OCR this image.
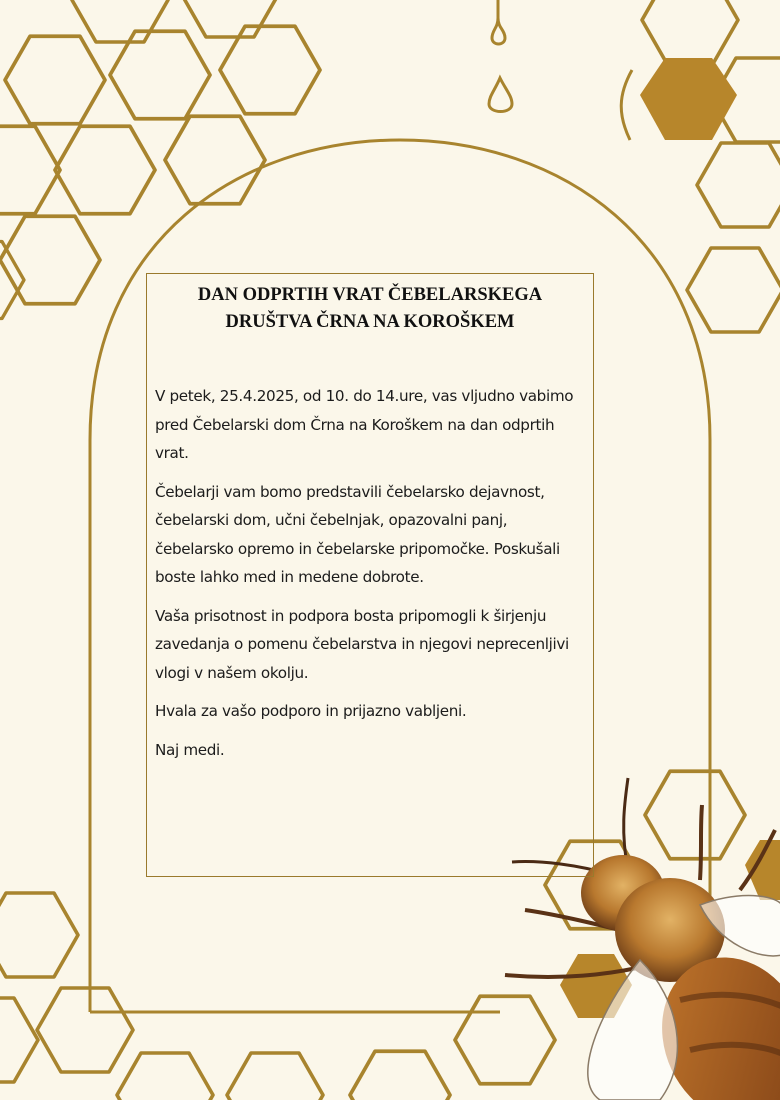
DAN ODPRTIH VRAT ČEBELARSKEGA
DRUŠTVA ČRNA NA KOROŠKEM

V petek, 25.4.2025, od 10. do 14.ure, vas vljudno vabimo pred Čebelarski dom Črna na Koroškem na dan odprtih vrat.

Čebelarji vam bomo predstavili čebelarsko dejavnost, čebelarski dom, učni čebelnjak, opazovalni panj, čebelarsko opremo in čebelarske pripomočke. Poskušali boste lahko med in medene dobrote.

Vaša prisotnost in podpora bosta pripomogli k širjenju zavedanja o pomenu čebelarstva in njegovi neprecenljivi vlogi v našem okolju.

Hvala za vašo podporo in prijazno vabljeni.

Naj medi.
